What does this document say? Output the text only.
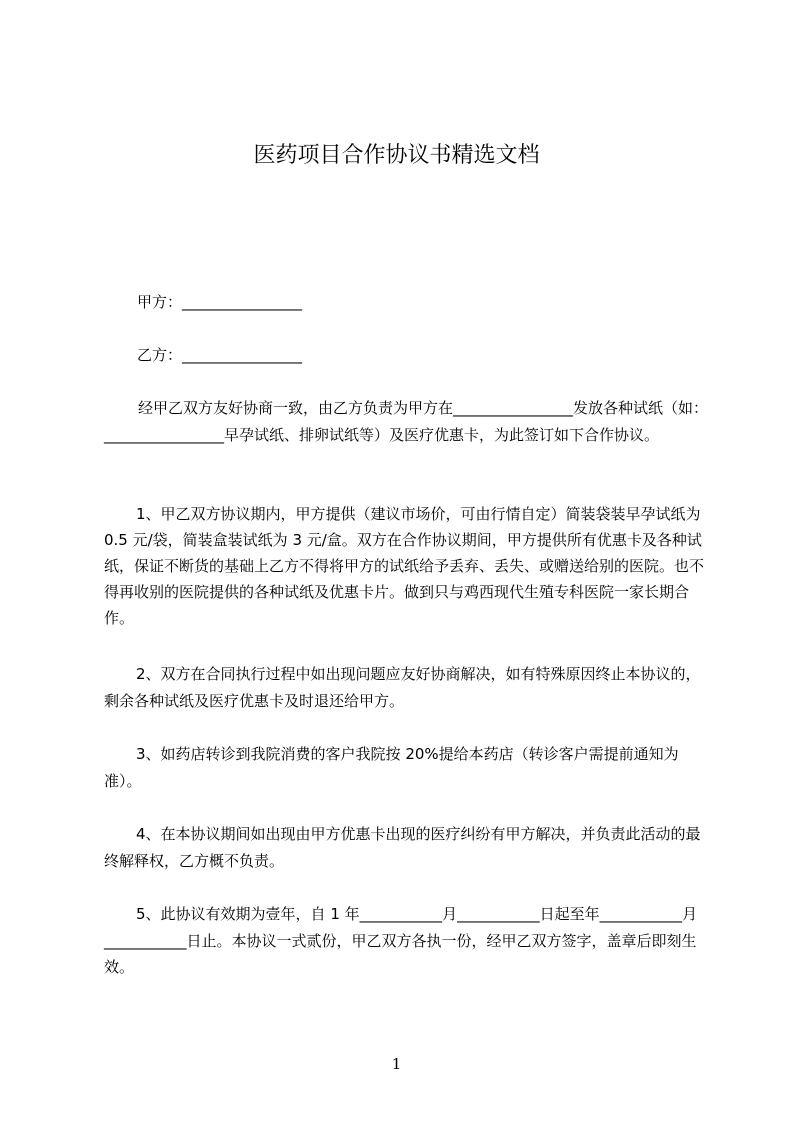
医药项目合作协议书精选文档
甲方：________________
乙方：________________
经甲乙双方友好协商一致，由乙方负责为甲方在________________发放各种试纸（如：________________早孕试纸、排卵试纸等）及医疗优惠卡，为此签订如下合作协议。
1、甲乙双方协议期内，甲方提供（建议市场价，可由行情自定）简装袋装早孕试纸为 0.5 元/袋，简装盒装试纸为 3 元/盒。双方在合作协议期间，甲方提供所有优惠卡及各种试纸，保证不断货的基础上乙方不得将甲方的试纸给予丢弃、丢失、或赠送给别的医院。也不得再收别的医院提供的各种试纸及优惠卡片。做到只与鸡西现代生殖专科医院一家长期合作。
2、双方在合同执行过程中如出现问题应友好协商解决，如有特殊原因终止本协议的，剩余各种试纸及医疗优惠卡及时退还给甲方。
3、如药店转诊到我院消费的客户我院按 20%提给本药店（转诊客户需提前通知为准）。
4、在本协议期间如出现由甲方优惠卡出现的医疗纠纷有甲方解决，并负责此活动的最终解释权，乙方概不负责。
5、此协议有效期为壹年，自 1 年___________月___________日起至年___________月___________日止。本协议一式贰份，甲乙双方各执一份，经甲乙双方签字，盖章后即刻生效。
1
